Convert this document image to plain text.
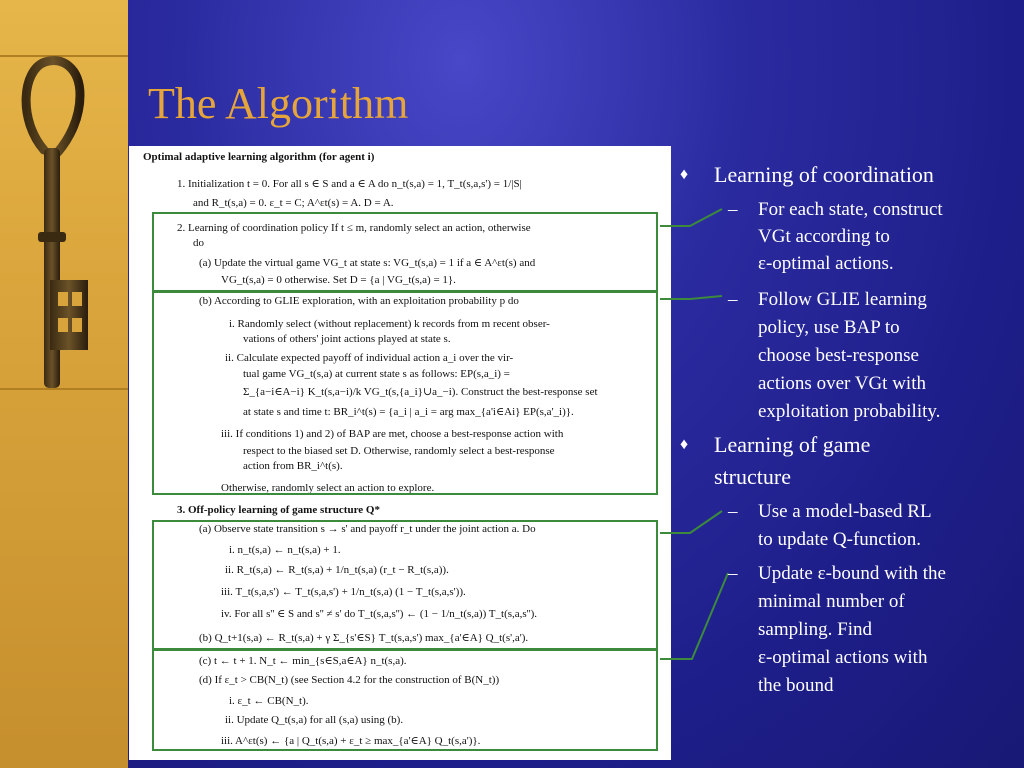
The Algorithm
Optimal adaptive learning algorithm (for agent i)
1. Initialization t = 0. For all s ∈ S and a ∈ A do n_t(s,a) = 1, T_t(s,a,s') = 1/|S|
and R_t(s,a) = 0. ε_t = C; A^εt(s) = A. D = A.
2. Learning of coordination policy If t ≤ m, randomly select an action, otherwise
do
(a) Update the virtual game VG_t at state s: VG_t(s,a) = 1 if a ∈ A^εt(s) and
VG_t(s,a) = 0 otherwise. Set D = {a | VG_t(s,a) = 1}.
(b) According to GLIE exploration, with an exploitation probability p do
i. Randomly select (without replacement) k records from m recent obser-
vations of others' joint actions played at state s.
ii. Calculate expected payoff of individual action a_i over the vir-
tual game VG_t(s,a) at current state s as follows: EP(s,a_i) =
Σ_{a−i∈A−i} K_t(s,a−i)/k VG_t(s,{a_i}∪a_−i). Construct the best-response set
at state s and time t: BR_i^t(s) = {a_i | a_i = arg max_{a'i∈Ai} EP(s,a'_i)}.
iii. If conditions 1) and 2) of BAP are met, choose a best-response action with
respect to the biased set D. Otherwise, randomly select a best-response
action from BR_i^t(s).
Otherwise, randomly select an action to explore.
3. Off-policy learning of game structure Q*
(a) Observe state transition s → s' and payoff r_t under the joint action a. Do
i. n_t(s,a) ← n_t(s,a) + 1.
ii. R_t(s,a) ← R_t(s,a) + 1/n_t(s,a) (r_t − R_t(s,a)).
iii. T_t(s,a,s') ← T_t(s,a,s') + 1/n_t(s,a) (1 − T_t(s,a,s')).
iv. For all s'' ∈ S and s'' ≠ s' do T_t(s,a,s'') ← (1 − 1/n_t(s,a)) T_t(s,a,s'').
(b) Q_t+1(s,a) ← R_t(s,a) + γ Σ_{s'∈S} T_t(s,a,s') max_{a'∈A} Q_t(s',a').
(c) t ← t + 1. N_t ← min_{s∈S,a∈A} n_t(s,a).
(d) If ε_t > CB(N_t) (see Section 4.2 for the construction of B(N_t))
i. ε_t ← CB(N_t).
ii. Update Q_t(s,a) for all (s,a) using (b).
iii. A^εt(s) ← {a | Q_t(s,a) + ε_t ≥ max_{a'∈A} Q_t(s,a')}.
♦ Learning of coordination
– For each state, construct
VGt according to
ε-optimal actions.
– Follow GLIE learning
policy, use BAP to
choose best-response
actions over VGt with
exploitation probability.
♦ Learning of game
structure
– Use a model-based RL
to update Q-function.
– Update ε-bound with the
minimal number of
sampling. Find
ε-optimal actions with
the bound
